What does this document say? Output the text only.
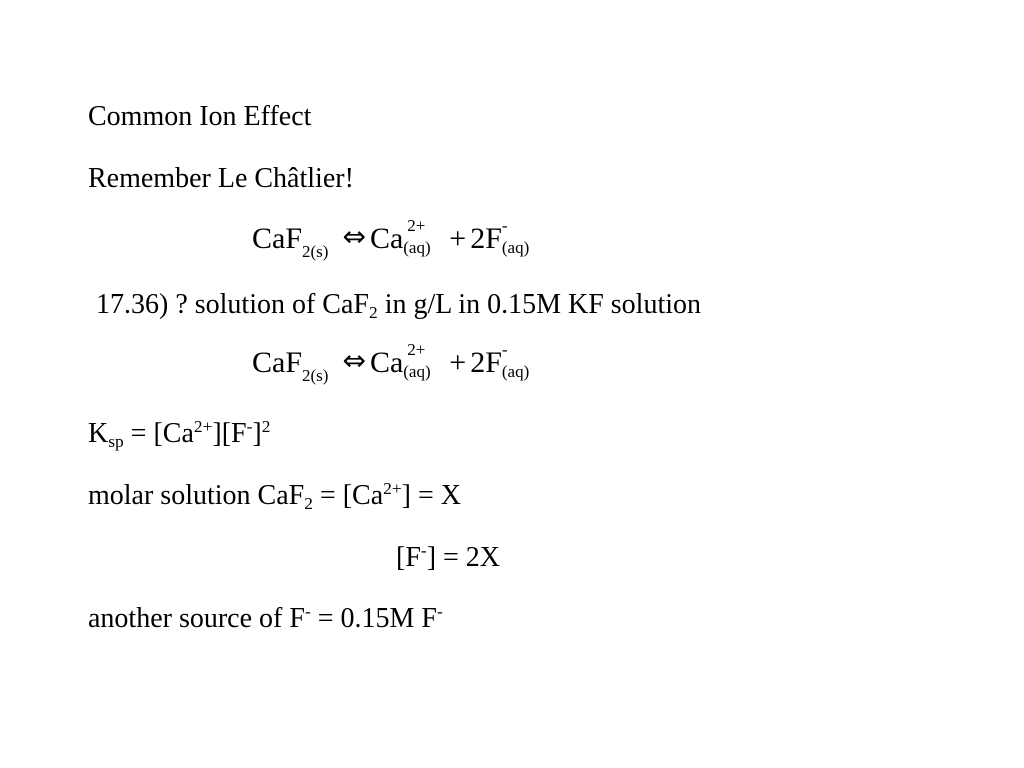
Common Ion Effect
Remember Le Châtlier!
CaF$_{2(s)}$ ⇔ Ca 2+
(aq) + 2F -
(aq)
17.36) ? solution of CaF$_2$ in g/L in 0.15M KF solution
CaF$_{2(s)}$ ⇔ Ca 2+
(aq) + 2F -
(aq)
$K_{sp} = [Ca^{2+}][F^-]^2$
molar solution $CaF_2 = [Ca^{2+}] = X$
[F-] = 2X
another source of F- = 0.15M F-
